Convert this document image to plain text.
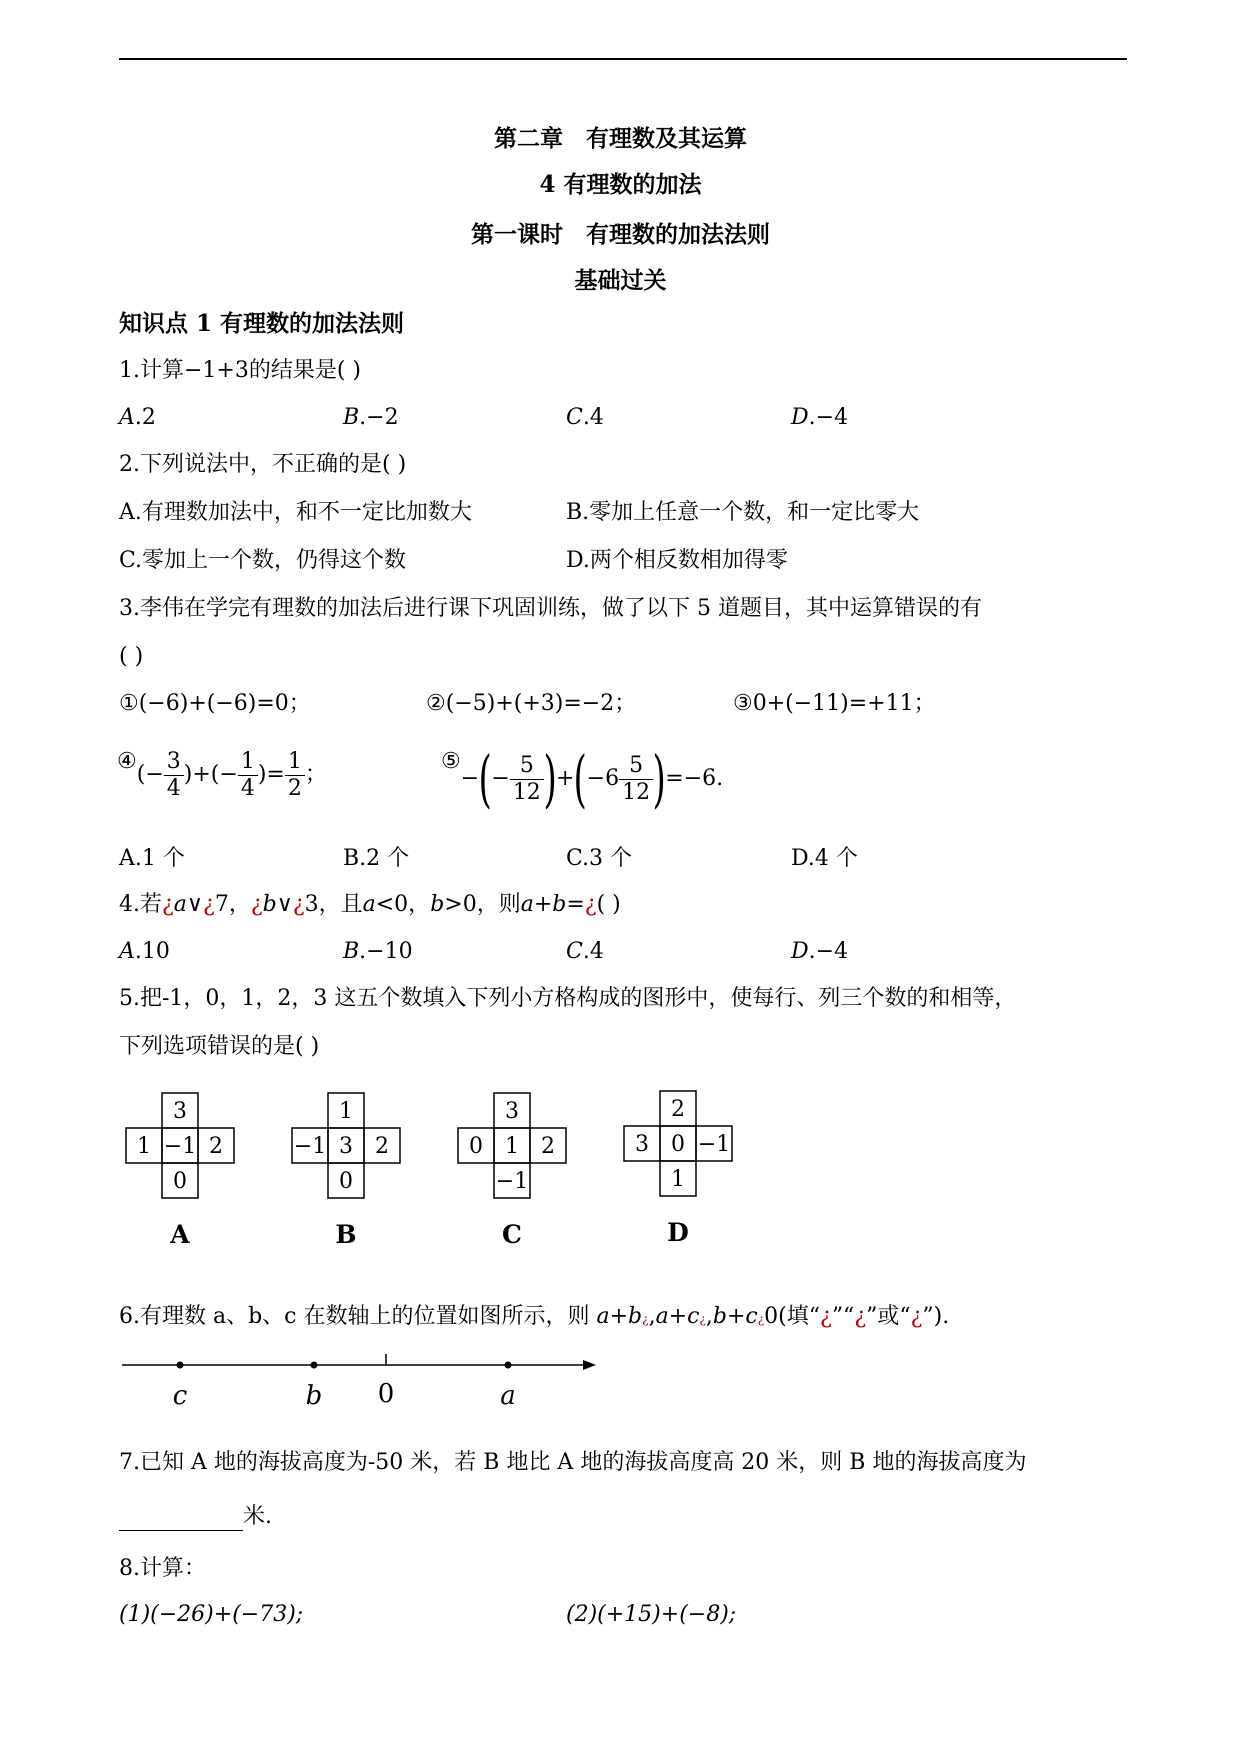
第二章　有理数及其运算
4 有理数的加法
第一课时　有理数的加法法则
基础过关
知识点 1 有理数的加法法则
1.计算−1+3的结果是( )
A.2	B.−2	C.4	D.−4
2.下列说法中，不正确的是( )
A.有理数加法中，和不一定比加数大	B.零加上任意一个数，和一定比零大
C.零加上一个数，仍得这个数	D.两个相反数相加得零
3.李伟在学完有理数的加法后进行课下巩固训练，做了以下 5 道题目，其中运算错误的有
( )
①(−6)+(−6)=0；	②(−5)+(+3)=−2；	③0+(−11)=+11；
④(− $\frac{3}{4}$ )+(− $\frac{1}{4}$ )= $\frac{1}{2}$ ；
⑤−(− $\frac{5}{12} )+(-6 \frac{5}{12} )=-6$.
A.1 个	B.2 个	C.3 个	D.4 个
4.若¿a∨¿7，¿b∨¿3，且a<0，b>0，则a+b=¿( )
A.10	B.−10	C.4	D.−4
5.把-1，0，1，2，3 这五个数填入下列小方格构成的图形中，使每行、列三个数的和相等，
下列选项错误的是( )
3
1 −1 2
0
A
1
−1 3 2
0
B
3
0 1 2
−1
C
2
3 0 −1
1
D
6.有理数 a、b、c 在数轴上的位置如图所示，则 a+b¿,a+c¿,b+c¿0(填“¿”“¿”或“¿”).
c	b 0	a
7.已知 A 地的海拔高度为-50 米，若 B 地比 A 地的海拔高度高 20 米，则 B 地的海拔高度为
米.
8.计算：
(1)(−26)+(−73);	(2)(+15)+(−8);
